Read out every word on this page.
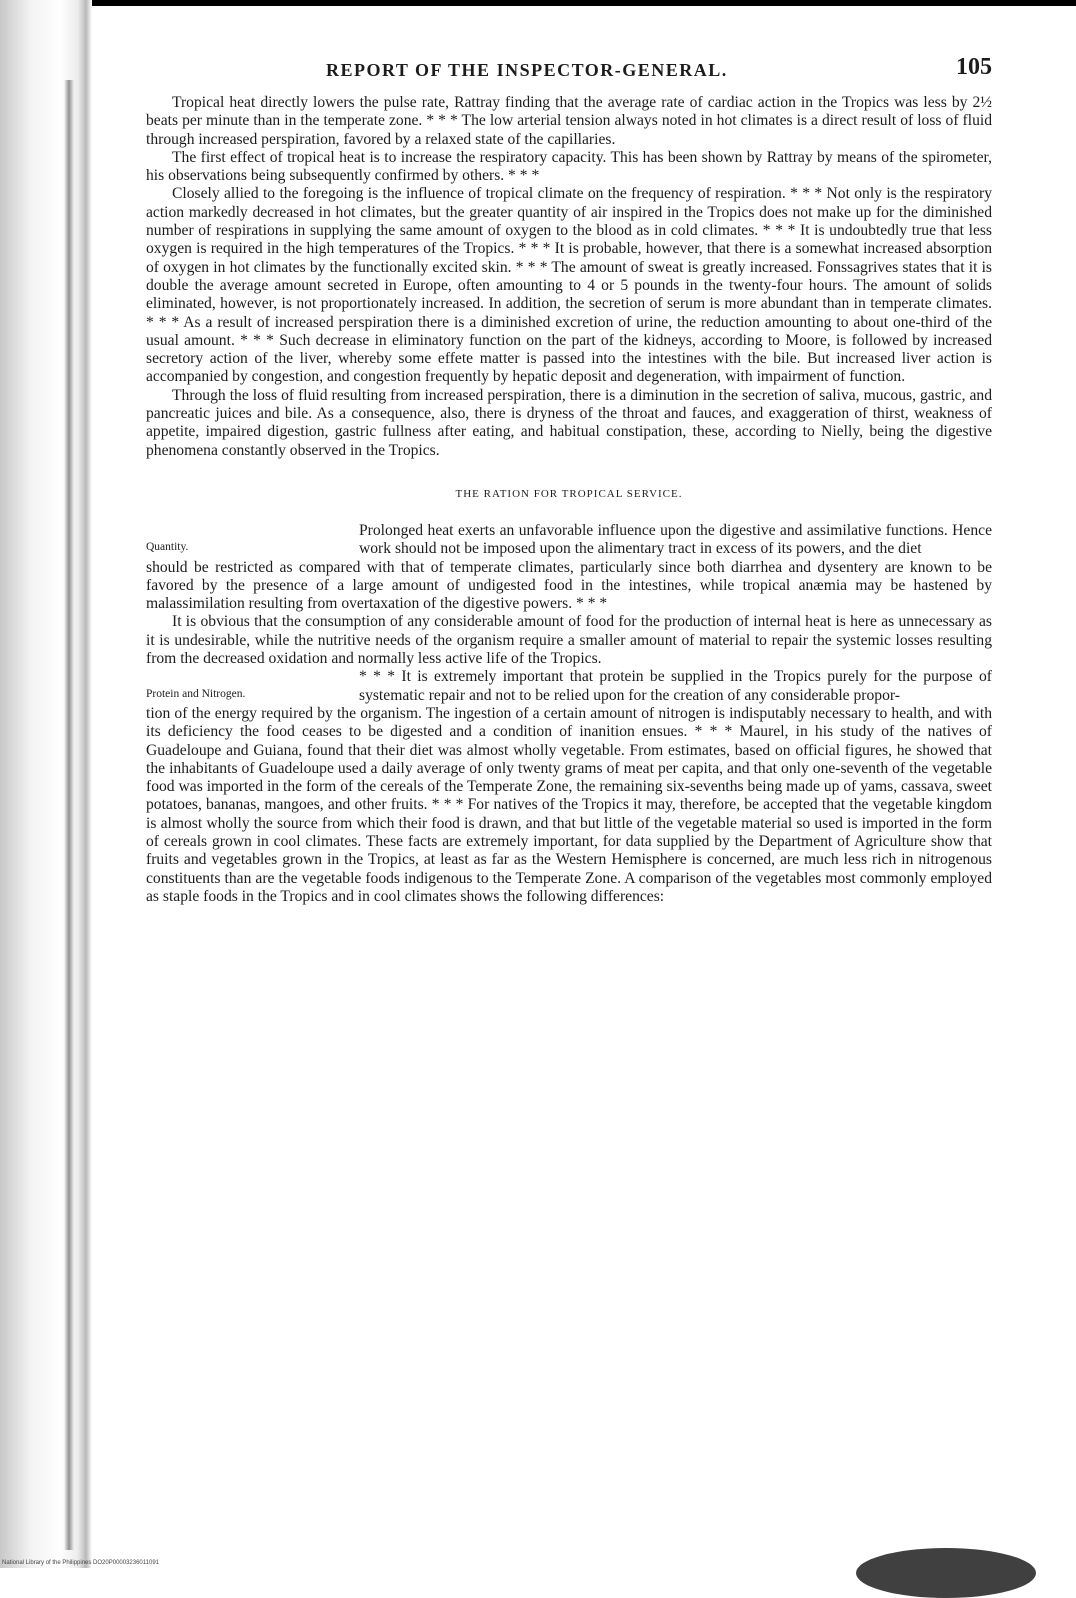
REPORT OF THE INSPECTOR-GENERAL.	105

Tropical heat directly lowers the pulse rate, Rattray finding that the average rate of cardiac action in the Tropics was less by 2½ beats per minute than in the temperate zone. * * * The low arterial tension always noted in hot climates is a direct result of loss of fluid through increased perspiration, favored by a relaxed state of the capillaries.

The first effect of tropical heat is to increase the respiratory capacity. This has been shown by Rattray by means of the spirometer, his observations being subsequently confirmed by others. * * *

Closely allied to the foregoing is the influence of tropical climate on the frequency of respiration. * * * Not only is the respiratory action markedly decreased in hot climates, but the greater quantity of air inspired in the Tropics does not make up for the diminished number of respirations in supplying the same amount of oxygen to the blood as in cold climates. * * * It is undoubtedly true that less oxygen is required in the high temperatures of the Tropics. * * * It is probable, however, that there is a somewhat increased absorption of oxygen in hot climates by the functionally excited skin. * * * The amount of sweat is greatly increased. Fonssagrives states that it is double the average amount secreted in Europe, often amounting to 4 or 5 pounds in the twenty-four hours. The amount of solids eliminated, however, is not proportionately increased. In addition, the secretion of serum is more abundant than in temperate climates. * * * As a result of increased perspiration there is a diminished excretion of urine, the reduction amounting to about one-third of the usual amount. * * * Such decrease in eliminatory function on the part of the kidneys, according to Moore, is followed by increased secretory action of the liver, whereby some effete matter is passed into the intestines with the bile. But increased liver action is accompanied by congestion, and congestion frequently by hepatic deposit and degeneration, with impairment of function.

Through the loss of fluid resulting from increased perspiration, there is a diminution in the secretion of saliva, mucous, gastric, and pancreatic juices and bile. As a consequence, also, there is dryness of the throat and fauces, and exaggeration of thirst, weakness of appetite, impaired digestion, gastric fullness after eating, and habitual constipation, these, according to Nielly, being the digestive phenomena constantly observed in the Tropics.

THE RATION FOR TROPICAL SERVICE.
Quantity.

Prolonged heat exerts an unfavorable influence upon the digestive and assimilative functions. Hence work should not be imposed upon the alimentary tract in excess of its powers, and the diet

should be restricted as compared with that of temperate climates, particularly since both diarrhea and dysentery are known to be favored by the presence of a large amount of undigested food in the intestines, while tropical anæmia may be hastened by malassimilation resulting from overtaxation of the digestive powers. * * *

It is obvious that the consumption of any considerable amount of food for the production of internal heat is here as unnecessary as it is undesirable, while the nutritive needs of the organism require a smaller amount of material to repair the systemic losses resulting from the decreased oxidation and normally less active life of the Tropics.

Protein and Nitrogen.

* * * It is extremely important that protein be supplied in the Tropics purely for the purpose of systematic repair and not to be relied upon for the creation of any considerable propor-

tion of the energy required by the organism. The ingestion of a certain amount of nitrogen is indisputably necessary to health, and with its deficiency the food ceases to be digested and a condition of inanition ensues. * * * Maurel, in his study of the natives of Guadeloupe and Guiana, found that their diet was almost wholly vegetable. From estimates, based on official figures, he showed that the inhabitants of Guadeloupe used a daily average of only twenty grams of meat per capita, and that only one-seventh of the vegetable food was imported in the form of the cereals of the Temperate Zone, the remaining six-sevenths being made up of yams, cassava, sweet potatoes, bananas, mangoes, and other fruits. * * * For natives of the Tropics it may, therefore, be accepted that the vegetable kingdom is almost wholly the source from which their food is drawn, and that but little of the vegetable material so used is imported in the form of cereals grown in cool climates. These facts are extremely important, for data supplied by the Department of Agriculture show that fruits and vegetables grown in the Tropics, at least as far as the Western Hemisphere is concerned, are much less rich in nitrogenous constituents than are the vegetable foods indigenous to the Temperate Zone. A comparison of the vegetables most commonly employed as staple foods in the Tropics and in cool climates shows the following differences:

National Library of the Philippines DO20P00003236011091
